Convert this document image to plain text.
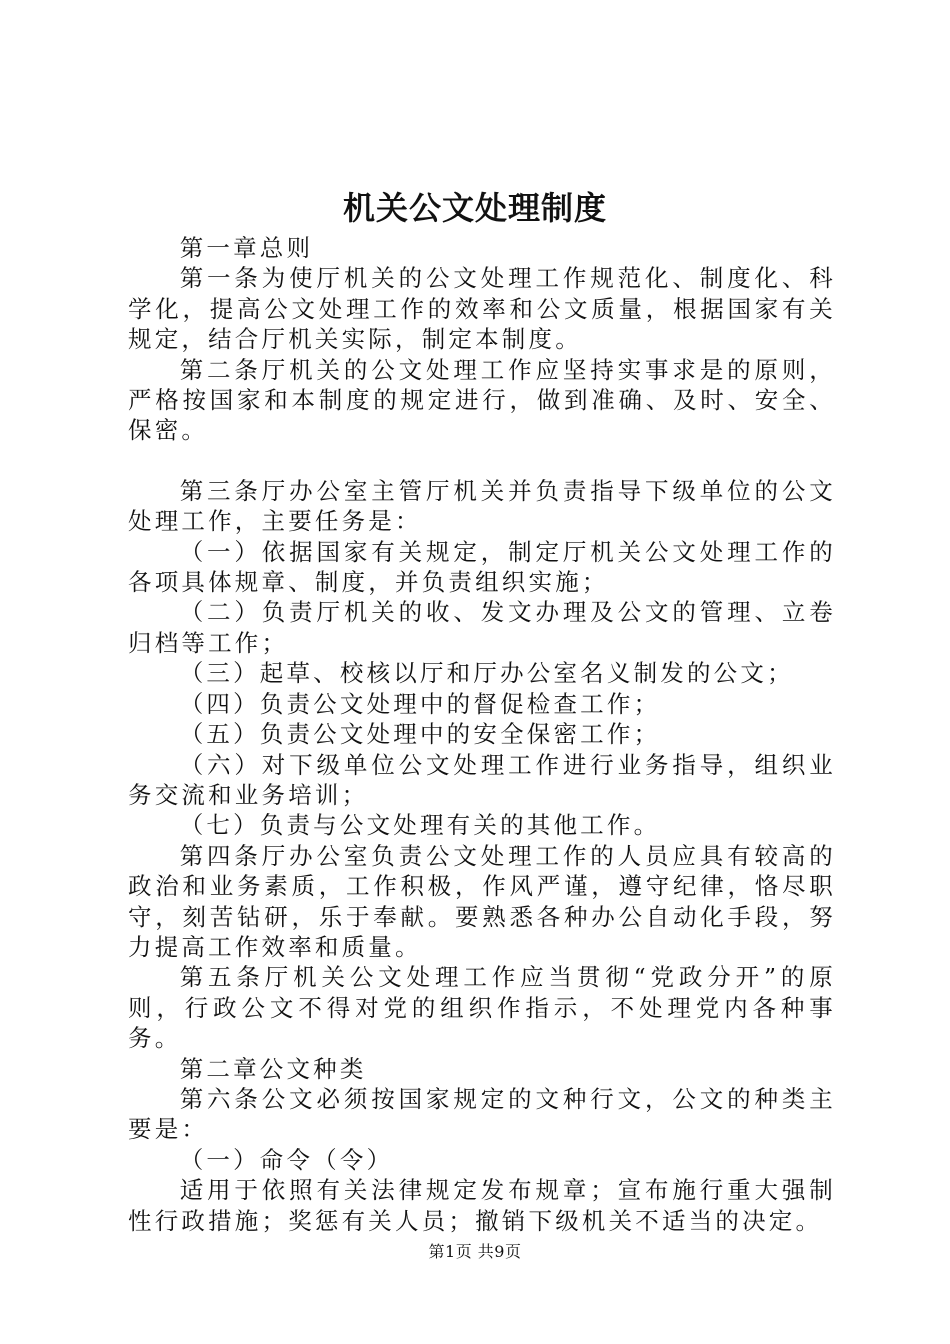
机关公文处理制度

第一章总则

第一条为使厅机关的公文处理工作规范化、制度化、科学化，提高公文处理工作的效率和公文质量，根据国家有关规定，结合厅机关实际，制定本制度。

第二条厅机关的公文处理工作应坚持实事求是的原则，严格按国家和本制度的规定进行，做到准确、及时、安全、保密。

第三条厅办公室主管厅机关并负责指导下级单位的公文处理工作，主要任务是：

（一）依据国家有关规定，制定厅机关公文处理工作的各项具体规章、制度，并负责组织实施；

（二）负责厅机关的收、发文办理及公文的管理、立卷归档等工作；

（三）起草、校核以厅和厅办公室名义制发的公文；

（四）负责公文处理中的督促检查工作；

（五）负责公文处理中的安全保密工作；

（六）对下级单位公文处理工作进行业务指导，组织业务交流和业务培训；

（七）负责与公文处理有关的其他工作。

第四条厅办公室负责公文处理工作的人员应具有较高的政治和业务素质，工作积极，作风严谨，遵守纪律，恪尽职守，刻苦钻研，乐于奉献。要熟悉各种办公自动化手段，努力提高工作效率和质量。

第五条厅机关公文处理工作应当贯彻“党政分开”的原则，行政公文不得对党的组织作指示，不处理党内各种事务。

第二章公文种类

第六条公文必须按国家规定的文种行文，公文的种类主要是：

（一）命令（令）

适用于依照有关法律规定发布规章；宣布施行重大强制性行政措施；奖惩有关人员；撤销下级机关不适当的决定。

第1页 共9页
